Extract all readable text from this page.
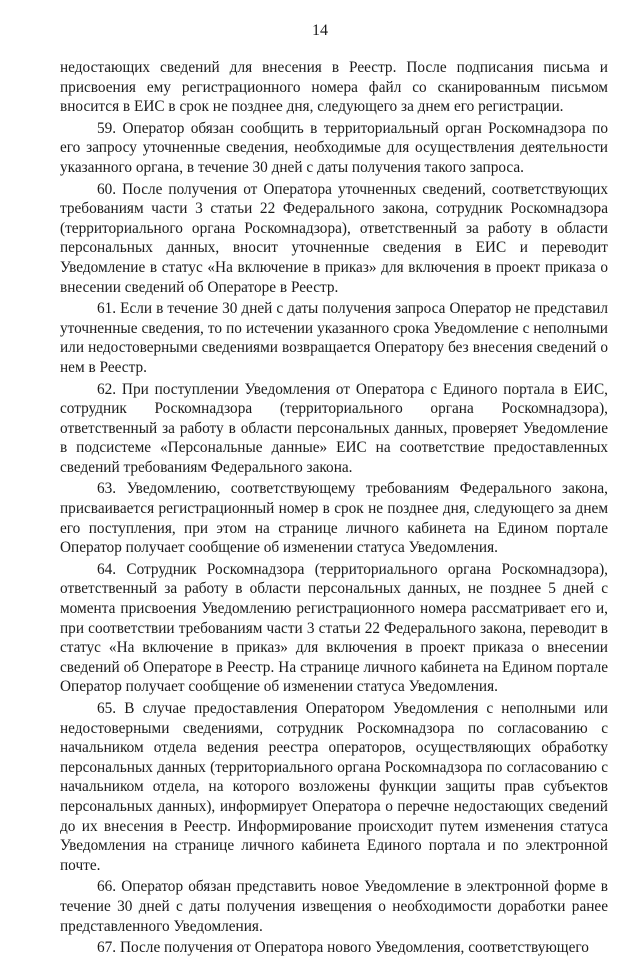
14

недостающих сведений для внесения в Реестр. После подписания письма и присвоения ему регистрационного номера файл со сканированным письмом вносится в ЕИС в срок не позднее дня, следующего за днем его регистрации.

59. Оператор обязан сообщить в территориальный орган Роскомнадзора по его запросу уточненные сведения, необходимые для осуществления деятельности указанного органа, в течение 30 дней с даты получения такого запроса.

60. После получения от Оператора уточненных сведений, соответствующих требованиям части 3 статьи 22 Федерального закона, сотрудник Роскомнадзора (территориального органа Роскомнадзора), ответственный за работу в области персональных данных, вносит уточненные сведения в ЕИС и переводит Уведомление в статус «На включение в приказ» для включения в проект приказа о внесении сведений об Операторе в Реестр.

61. Если в течение 30 дней с даты получения запроса Оператор не представил уточненные сведения, то по истечении указанного срока Уведомление с неполными или недостоверными сведениями возвращается Оператору без внесения сведений о нем в Реестр.

62. При поступлении Уведомления от Оператора с Единого портала в ЕИС, сотрудник Роскомнадзора (территориального органа Роскомнадзора), ответственный за работу в области персональных данных, проверяет Уведомление в подсистеме «Персональные данные» ЕИС на соответствие предоставленных сведений требованиям Федерального закона.

63. Уведомлению, соответствующему требованиям Федерального закона, присваивается регистрационный номер в срок не позднее дня, следующего за днем его поступления, при этом на странице личного кабинета на Едином портале Оператор получает сообщение об изменении статуса Уведомления.

64. Сотрудник Роскомнадзора (территориального органа Роскомнадзора), ответственный за работу в области персональных данных, не позднее 5 дней с момента присвоения Уведомлению регистрационного номера рассматривает его и, при соответствии требованиям части 3 статьи 22 Федерального закона, переводит в статус «На включение в приказ» для включения в проект приказа о внесении сведений об Операторе в Реестр. На странице личного кабинета на Едином портале Оператор получает сообщение об изменении статуса Уведомления.

65. В случае предоставления Оператором Уведомления с неполными или недостоверными сведениями, сотрудник Роскомнадзора по согласованию с начальником отдела ведения реестра операторов, осуществляющих обработку персональных данных (территориального органа Роскомнадзора по согласованию с начальником отдела, на которого возложены функции защиты прав субъектов персональных данных), информирует Оператора о перечне недостающих сведений до их внесения в Реестр. Информирование происходит путем изменения статуса Уведомления на странице личного кабинета Единого портала и по электронной почте.

66. Оператор обязан представить новое Уведомление в электронной форме в течение 30 дней с даты получения извещения о необходимости доработки ранее представленного Уведомления.

67. После получения от Оператора нового Уведомления, соответствующего
